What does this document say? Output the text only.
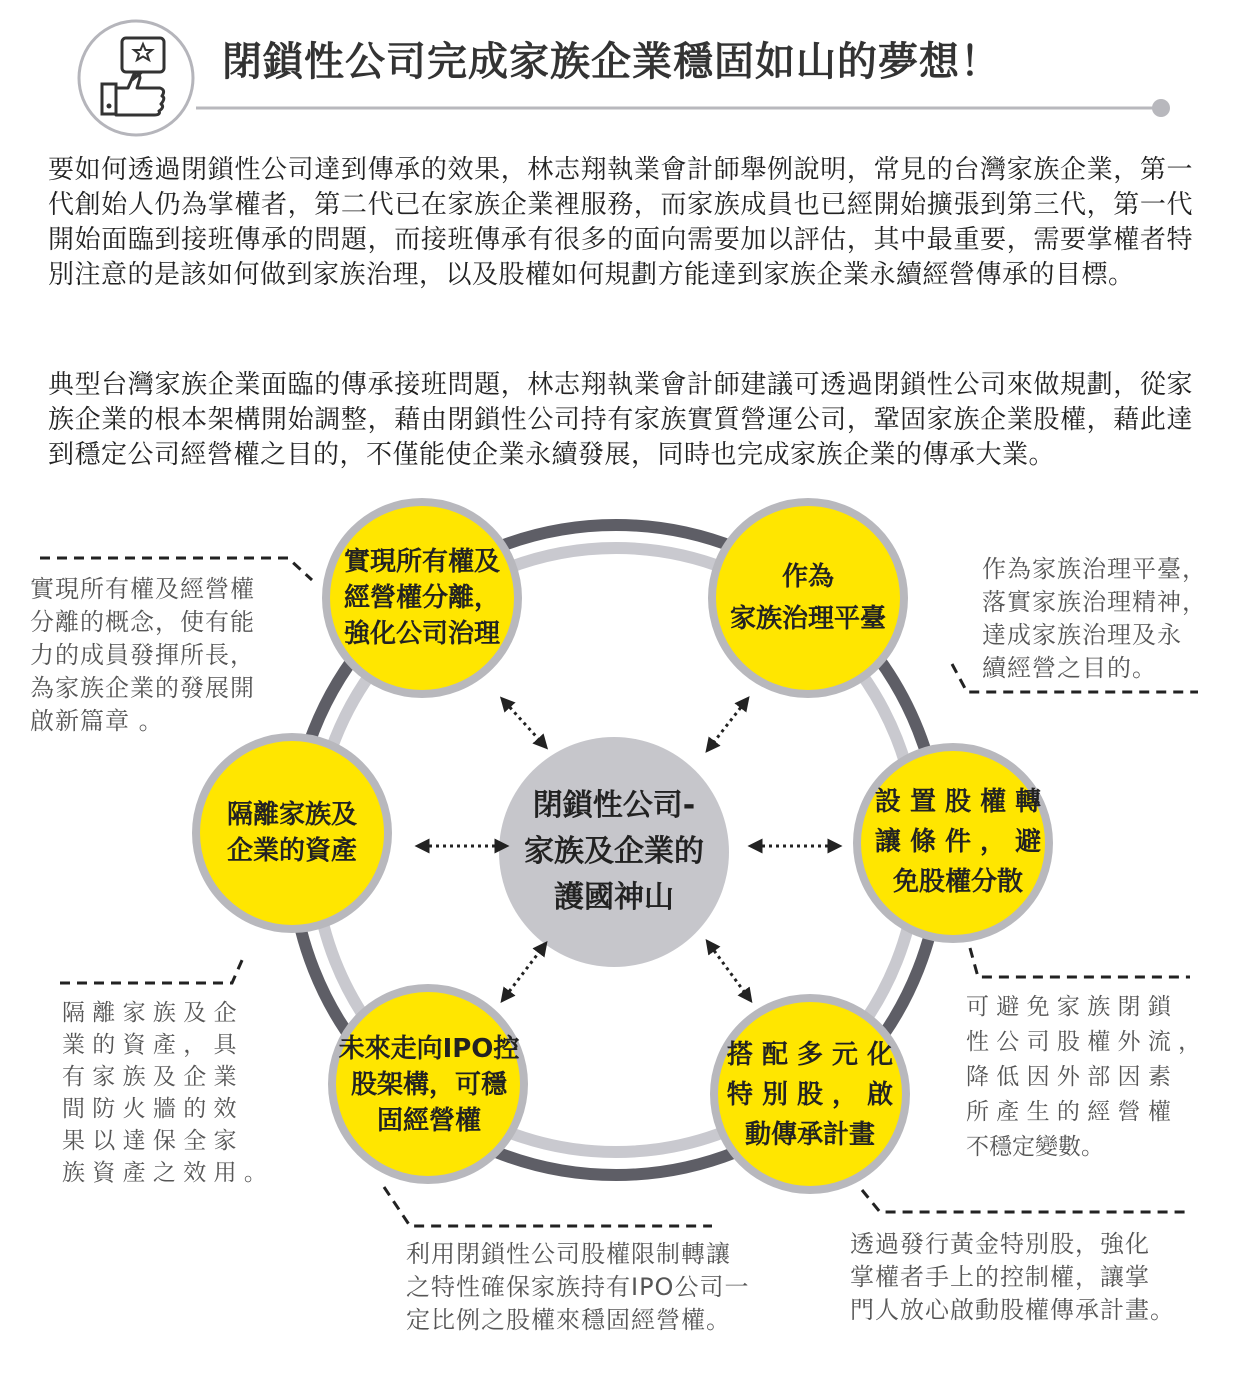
閉鎖性公司完成家族企業穩固如山的夢想！
要如何透過閉鎖性公司達到傳承的效果，林志翔執業會計師舉例說明，常見的台灣家族企業，第一代創始人仍為掌權者，第二代已在家族企業裡服務，而家族成員也已經開始擴張到第三代，第一代開始面臨到接班傳承的問題，而接班傳承有很多的面向需要加以評估，其中最重要，需要掌權者特別注意的是該如何做到家族治理，以及股權如何規劃方能達到家族企業永續經營傳承的目標。
典型台灣家族企業面臨的傳承接班問題，林志翔執業會計師建議可透過閉鎖性公司來做規劃，從家族企業的根本架構開始調整，藉由閉鎖性公司持有家族實質營運公司，鞏固家族企業股權，藉此達到穩定公司經營權之目的，不僅能使企業永續發展，同時也完成家族企業的傳承大業。
閉鎖性公司-
家族及企業的
護國神山
實現所有權及
經營權分離，
強化公司治理
作為
家族治理平臺
隔離家族及
企業的資產
設 置 股 權 轉
讓 條 件 ， 避
免股權分散
未來走向IPO控
股架構，可穩
固經營權
搭 配 多 元 化
特 別 股 ， 啟
動傳承計畫
實現所有權及經營權
分離的概念，使有能
力的成員發揮所長，
為家族企業的發展開
啟新篇章 。
作為家族治理平臺，
落實家族治理精神，
達成家族治理及永
續經營之目的。
隔 離 家 族 及 企
業 的 資 產 ， 具
有 家 族 及 企 業
間 防 火 牆 的 效
果 以 達 保 全 家
族 資 產 之 效 用 。
可 避 免 家 族 閉 鎖
性 公 司 股 權 外 流 ，
降 低 因 外 部 因 素
所 產 生 的 經 營 權
不穩定變數。
利用閉鎖性公司股權限制轉讓
之特性確保家族持有IPO公司一
定比例之股權來穩固經營權。
透過發行黃金特別股，強化
掌權者手上的控制權，讓掌
門人放心啟動股權傳承計畫。
